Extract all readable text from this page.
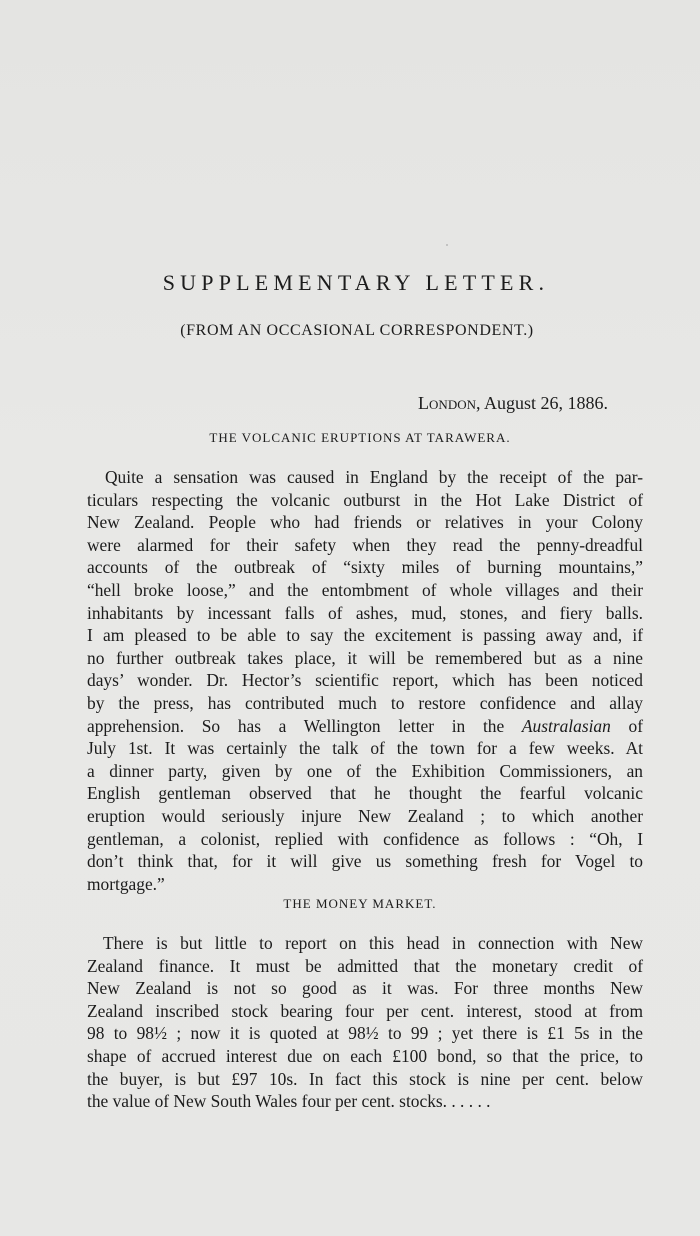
SUPPLEMENTARY LETTER.
(FROM AN OCCASIONAL CORRESPONDENT.)
London, August 26, 1886.
THE VOLCANIC ERUPTIONS AT TARAWERA.
Quite a sensation was caused in England by the receipt of the par-
ticulars respecting the volcanic outburst in the Hot Lake District of
New Zealand. People who had friends or relatives in your Colony
were alarmed for their safety when they read the penny-dreadful
accounts of the outbreak of “sixty miles of burning mountains,”
“hell broke loose,” and the entombment of whole villages and their
inhabitants by incessant falls of ashes, mud, stones, and fiery balls.
I am pleased to be able to say the excitement is passing away and, if
no further outbreak takes place, it will be remembered but as a nine
days’ wonder. Dr. Hector’s scientific report, which has been noticed
by the press, has contributed much to restore confidence and allay
apprehension. So has a Wellington letter in the Australasian of
July 1st. It was certainly the talk of the town for a few weeks. At
a dinner party, given by one of the Exhibition Commissioners, an
English gentleman observed that he thought the fearful volcanic
eruption would seriously injure New Zealand ; to which another
gentleman, a colonist, replied with confidence as follows : “Oh, I
don’t think that, for it will give us something fresh for Vogel to
mortgage.”
THE MONEY MARKET.
There is but little to report on this head in connection with New
Zealand finance. It must be admitted that the monetary credit of
New Zealand is not so good as it was. For three months New
Zealand inscribed stock bearing four per cent. interest, stood at from
98 to 98½ ; now it is quoted at 98½ to 99 ; yet there is £1 5s in the
shape of accrued interest due on each £100 bond, so that the price, to
the buyer, is but £97 10s. In fact this stock is nine per cent. below
the value of New South Wales four per cent. stocks. . . . . .
